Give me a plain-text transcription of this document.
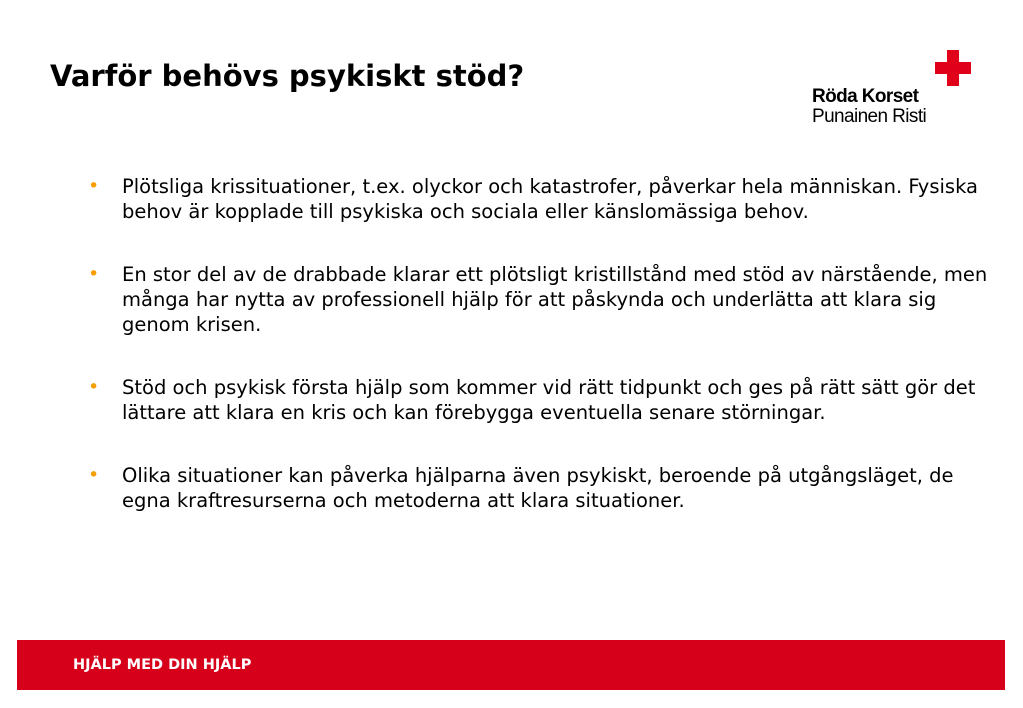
Varför behövs psykiskt stöd?
Röda Korset
Punainen Risti
• Plötsliga krissituationer, t.ex. olyckor och katastrofer, påverkar hela människan. Fysiska behov är kopplade till psykiska och sociala eller känslomässiga behov.
• En stor del av de drabbade klarar ett plötsligt kristillstånd med stöd av närstående, men många har nytta av professionell hjälp för att påskynda och underlätta att klara sig genom krisen.
• Stöd och psykisk första hjälp som kommer vid rätt tidpunkt och ges på rätt sätt gör det lättare att klara en kris och kan förebygga eventuella senare störningar.
• Olika situationer kan påverka hjälparna även psykiskt, beroende på utgångsläget, de egna kraftresurserna och metoderna att klara situationer.
HJÄLP MED DIN HJÄLP
